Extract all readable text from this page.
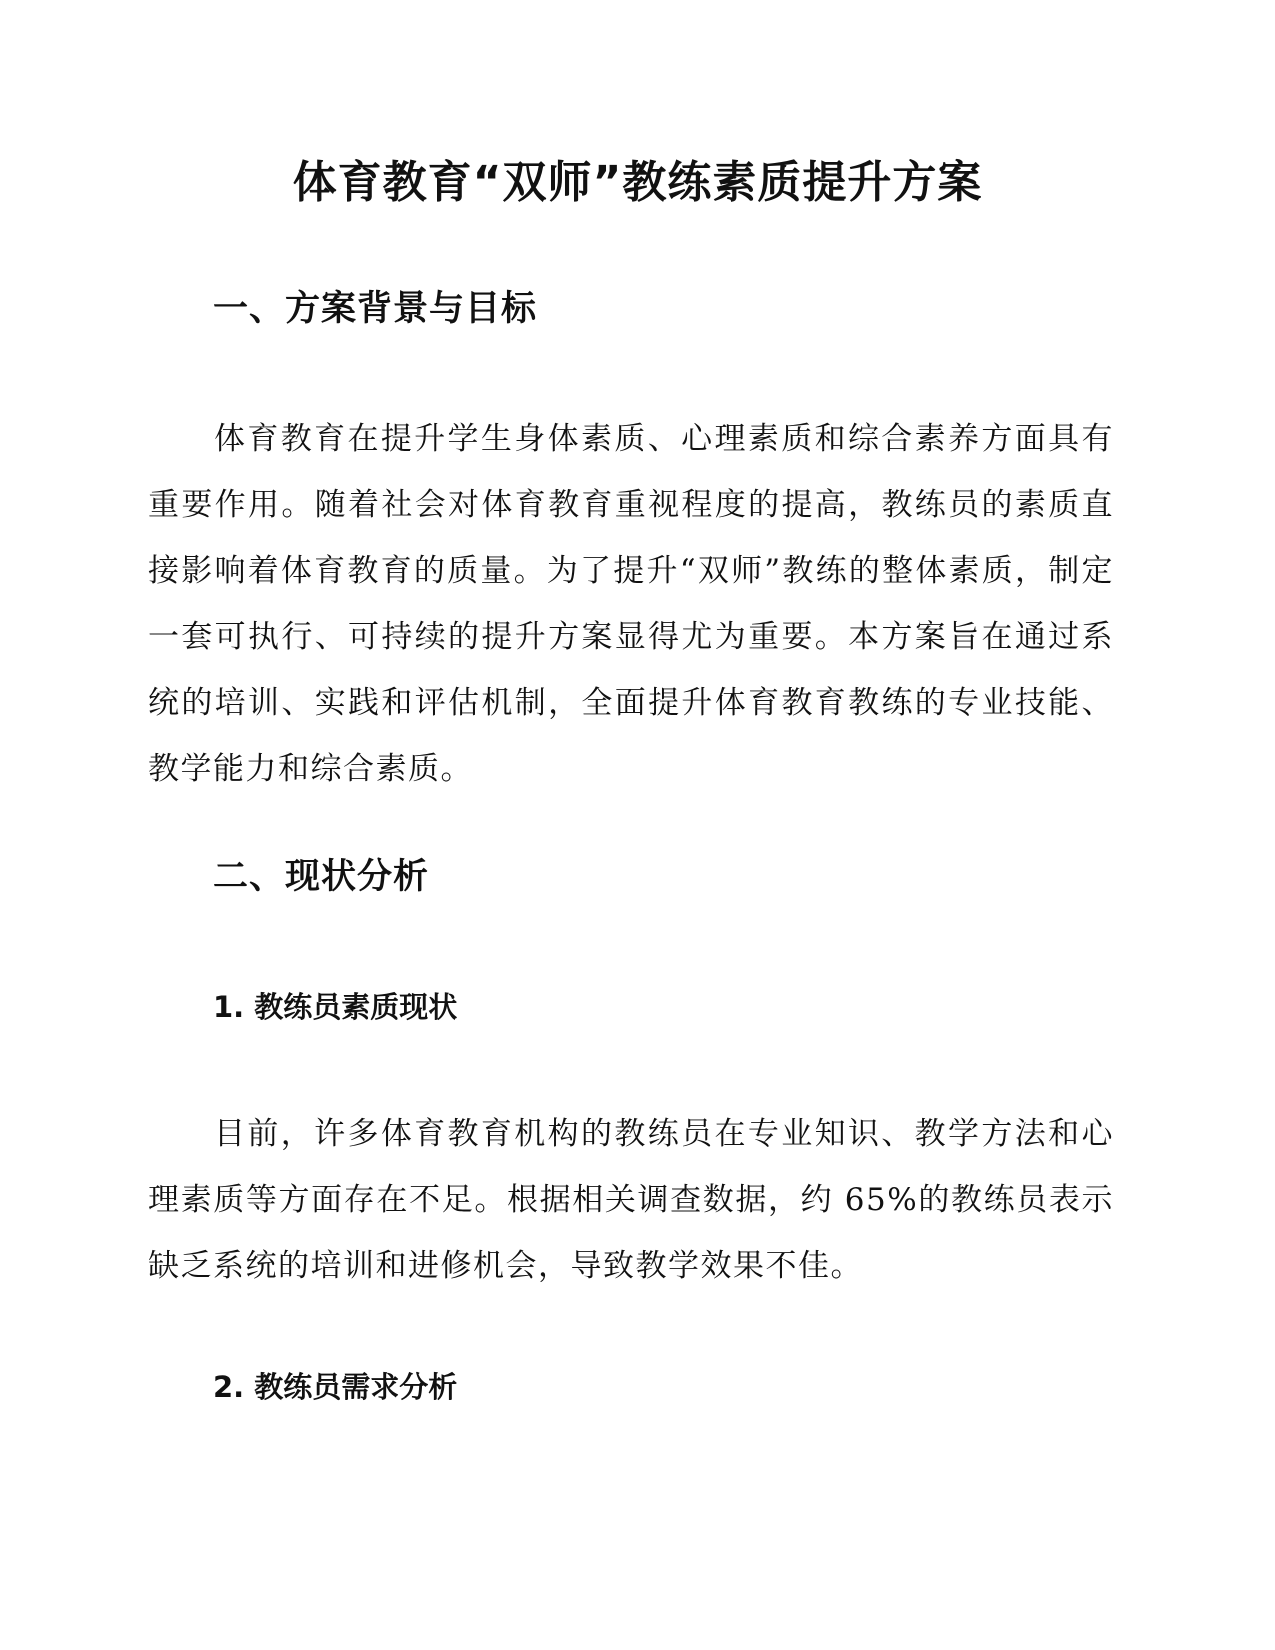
体育教育“双师”教练素质提升方案
一、方案背景与目标

体育教育在提升学生身体素质、心理素质和综合素养方面具有重要作用。随着社会对体育教育重视程度的提高，教练员的素质直接影响着体育教育的质量。为了提升“双师”教练的整体素质，制定一套可执行、可持续的提升方案显得尤为重要。本方案旨在通过系统的培训、实践和评估机制，全面提升体育教育教练的专业技能、教学能力和综合素质。

二、现状分析
1. 教练员素质现状

目前，许多体育教育机构的教练员在专业知识、教学方法和心理素质等方面存在不足。根据相关调查数据，约 65%的教练员表示缺乏系统的培训和进修机会，导致教学效果不佳。

2. 教练员需求分析
